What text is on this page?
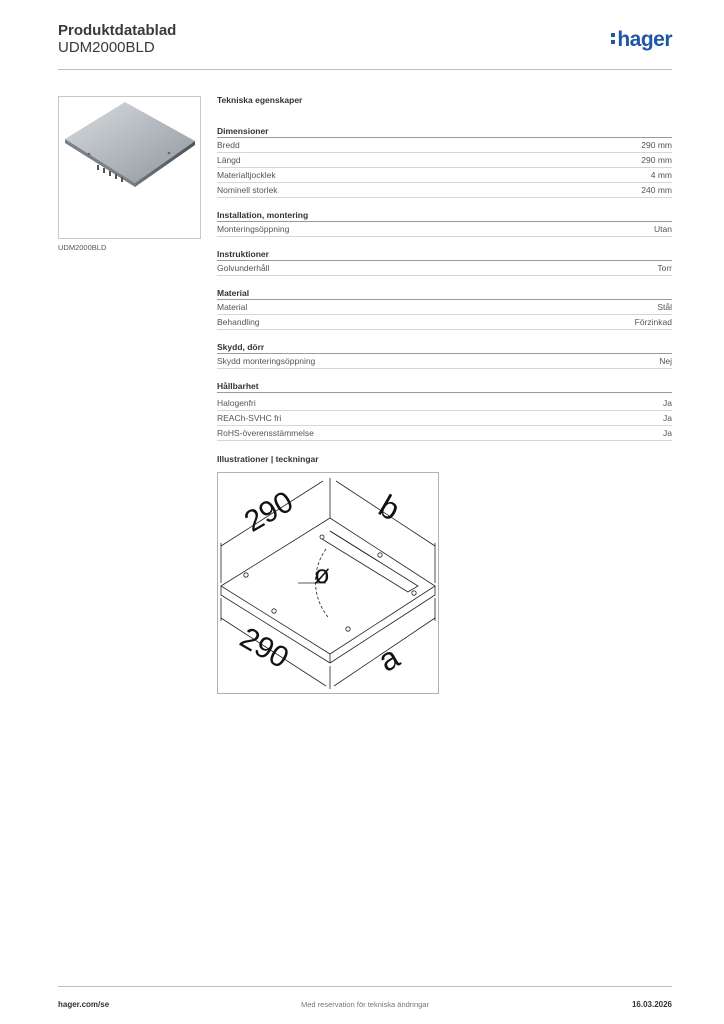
Produktdatablad
UDM2000BLD	hager
UDM2000BLD
Tekniska egenskaper
Dimensioner
Bredd	290 mm
Längd	290 mm
Materialtjocklek	4 mm
Nominell storlek	240 mm
Installation, montering
Monteringsöppning	Utan
Instruktioner
Golvunderhåll	Torr
Material
Material	Stål
Behandling	Förzinkad
Skydd, dörr
Skydd monteringsöppning	Nej
Hållbarhet
Halogenfri	Ja
REACh-SVHC fri	Ja
RoHS-överensstämmelse	Ja
Illustrationer | teckningar
290 b
ø
290 a
hager.com/se	Med reservation för tekniska ändringar	16.03.2026
